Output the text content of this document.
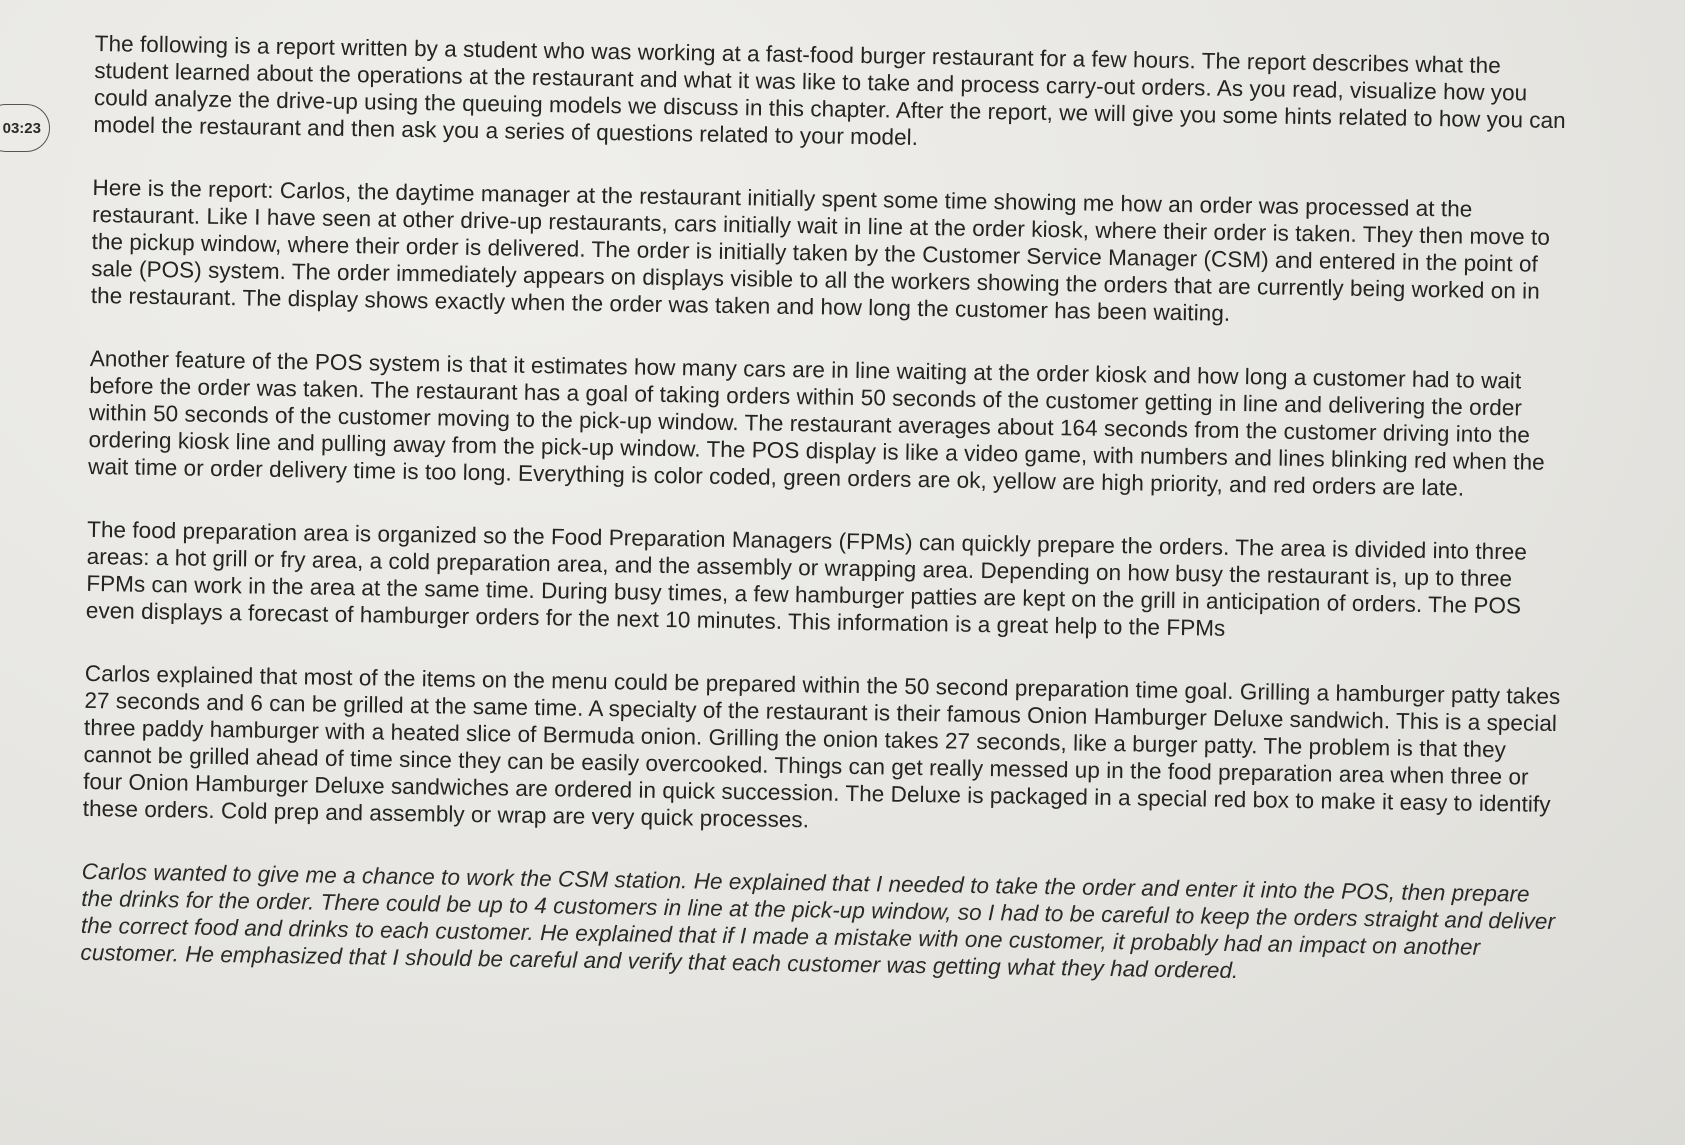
03:23

The following is a report written by a student who was working at a fast-food burger restaurant for a few hours. The report describes what the student learned about the operations at the restaurant and what it was like to take and process carry-out orders. As you read, visualize how you could analyze the drive-up using the queuing models we discuss in this chapter. After the report, we will give you some hints related to how you can model the restaurant and then ask you a series of questions related to your model.

Here is the report: Carlos, the daytime manager at the restaurant initially spent some time showing me how an order was processed at the restaurant. Like I have seen at other drive-up restaurants, cars initially wait in line at the order kiosk, where their order is taken. They then move to the pickup window, where their order is delivered. The order is initially taken by the Customer Service Manager (CSM) and entered in the point of sale (POS) system. The order immediately appears on displays visible to all the workers showing the orders that are currently being worked on in the restaurant. The display shows exactly when the order was taken and how long the customer has been waiting.

Another feature of the POS system is that it estimates how many cars are in line waiting at the order kiosk and how long a customer had to wait before the order was taken. The restaurant has a goal of taking orders within 50 seconds of the customer getting in line and delivering the order within 50 seconds of the customer moving to the pick-up window. The restaurant averages about 164 seconds from the customer driving into the ordering kiosk line and pulling away from the pick-up window. The POS display is like a video game, with numbers and lines blinking red when the wait time or order delivery time is too long. Everything is color coded, green orders are ok, yellow are high priority, and red orders are late.

The food preparation area is organized so the Food Preparation Managers (FPMs) can quickly prepare the orders. The area is divided into three areas: a hot grill or fry area, a cold preparation area, and the assembly or wrapping area. Depending on how busy the restaurant is, up to three FPMs can work in the area at the same time. During busy times, a few hamburger patties are kept on the grill in anticipation of orders. The POS even displays a forecast of hamburger orders for the next 10 minutes. This information is a great help to the FPMs

Carlos explained that most of the items on the menu could be prepared within the 50 second preparation time goal. Grilling a hamburger patty takes 27 seconds and 6 can be grilled at the same time. A specialty of the restaurant is their famous Onion Hamburger Deluxe sandwich. This is a special three paddy hamburger with a heated slice of Bermuda onion. Grilling the onion takes 27 seconds, like a burger patty. The problem is that they cannot be grilled ahead of time since they can be easily overcooked. Things can get really messed up in the food preparation area when three or four Onion Hamburger Deluxe sandwiches are ordered in quick succession. The Deluxe is packaged in a special red box to make it easy to identify these orders. Cold prep and assembly or wrap are very quick processes.

Carlos wanted to give me a chance to work the CSM station. He explained that I needed to take the order and enter it into the POS, then prepare the drinks for the order. There could be up to 4 customers in line at the pick-up window, so I had to be careful to keep the orders straight and deliver the correct food and drinks to each customer. He explained that if I made a mistake with one customer, it probably had an impact on another customer. He emphasized that I should be careful and verify that each customer was getting what they had ordered.
